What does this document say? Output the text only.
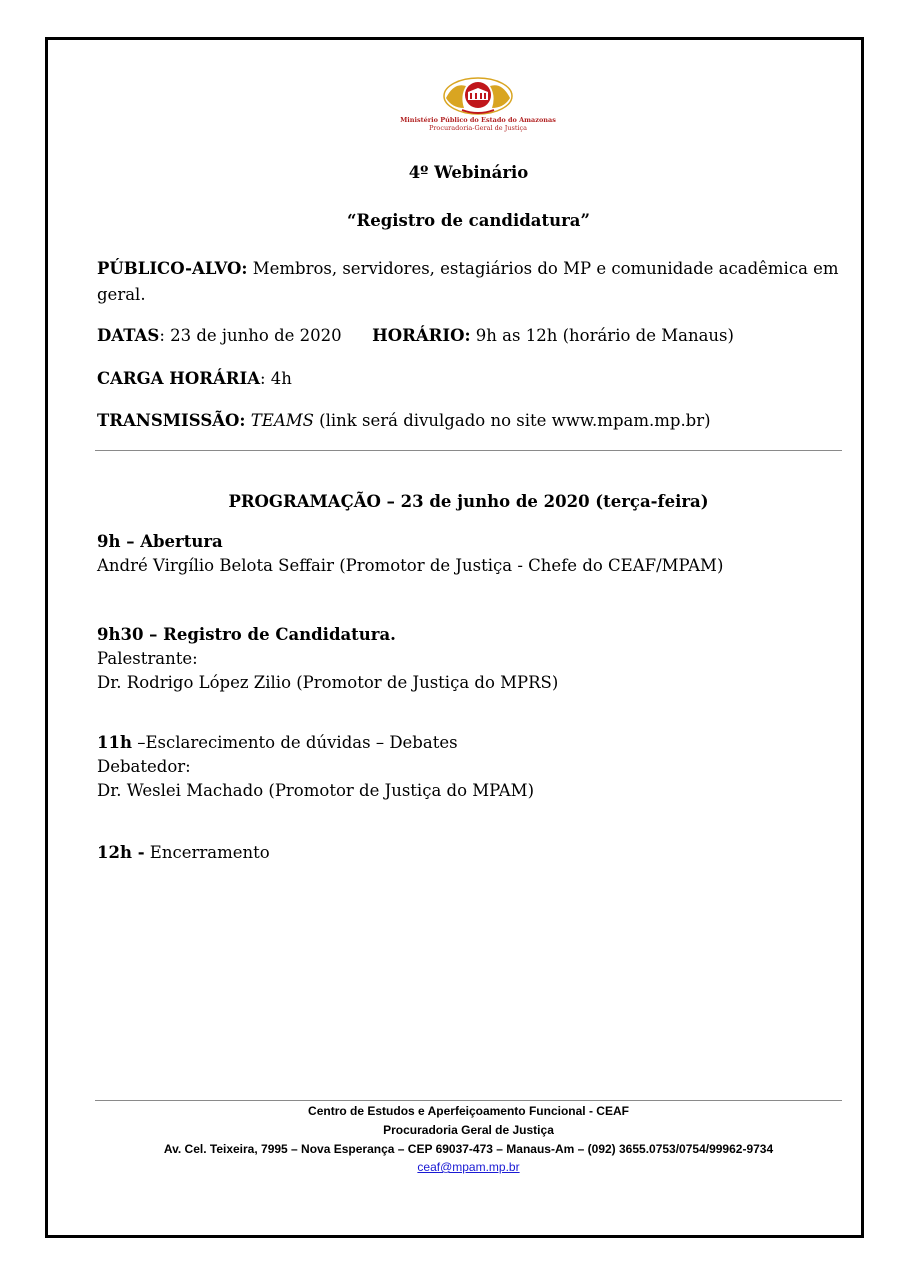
Ministério Público do Estado do Amazonas
Procuradoria-Geral de Justiça
4º Webinário
“Registro de candidatura”
PÚBLICO-ALVO: Membros, servidores, estagiários do MP e comunidade acadêmica em
geral.
DATAS: 23 de junho de 2020 HORÁRIO: 9h as 12h (horário de Manaus)
CARGA HORÁRIA: 4h
TRANSMISSÃO: TEAMS (link será divulgado no site www.mpam.mp.br)
PROGRAMAÇÃO – 23 de junho de 2020 (terça-feira)
9h – Abertura
André Virgílio Belota Seffair (Promotor de Justiça - Chefe do CEAF/MPAM)
9h30 – Registro de Candidatura.
Palestrante:
Dr. Rodrigo López Zilio (Promotor de Justiça do MPRS)
11h –Esclarecimento de dúvidas – Debates
Debatedor:
Dr. Weslei Machado (Promotor de Justiça do MPAM)
12h - Encerramento
Centro de Estudos e Aperfeiçoamento Funcional - CEAF
Procuradoria Geral de Justiça
Av. Cel. Teixeira, 7995 – Nova Esperança – CEP 69037-473 – Manaus-Am – (092) 3655.0753/0754/99962-9734
ceaf@mpam.mp.br
